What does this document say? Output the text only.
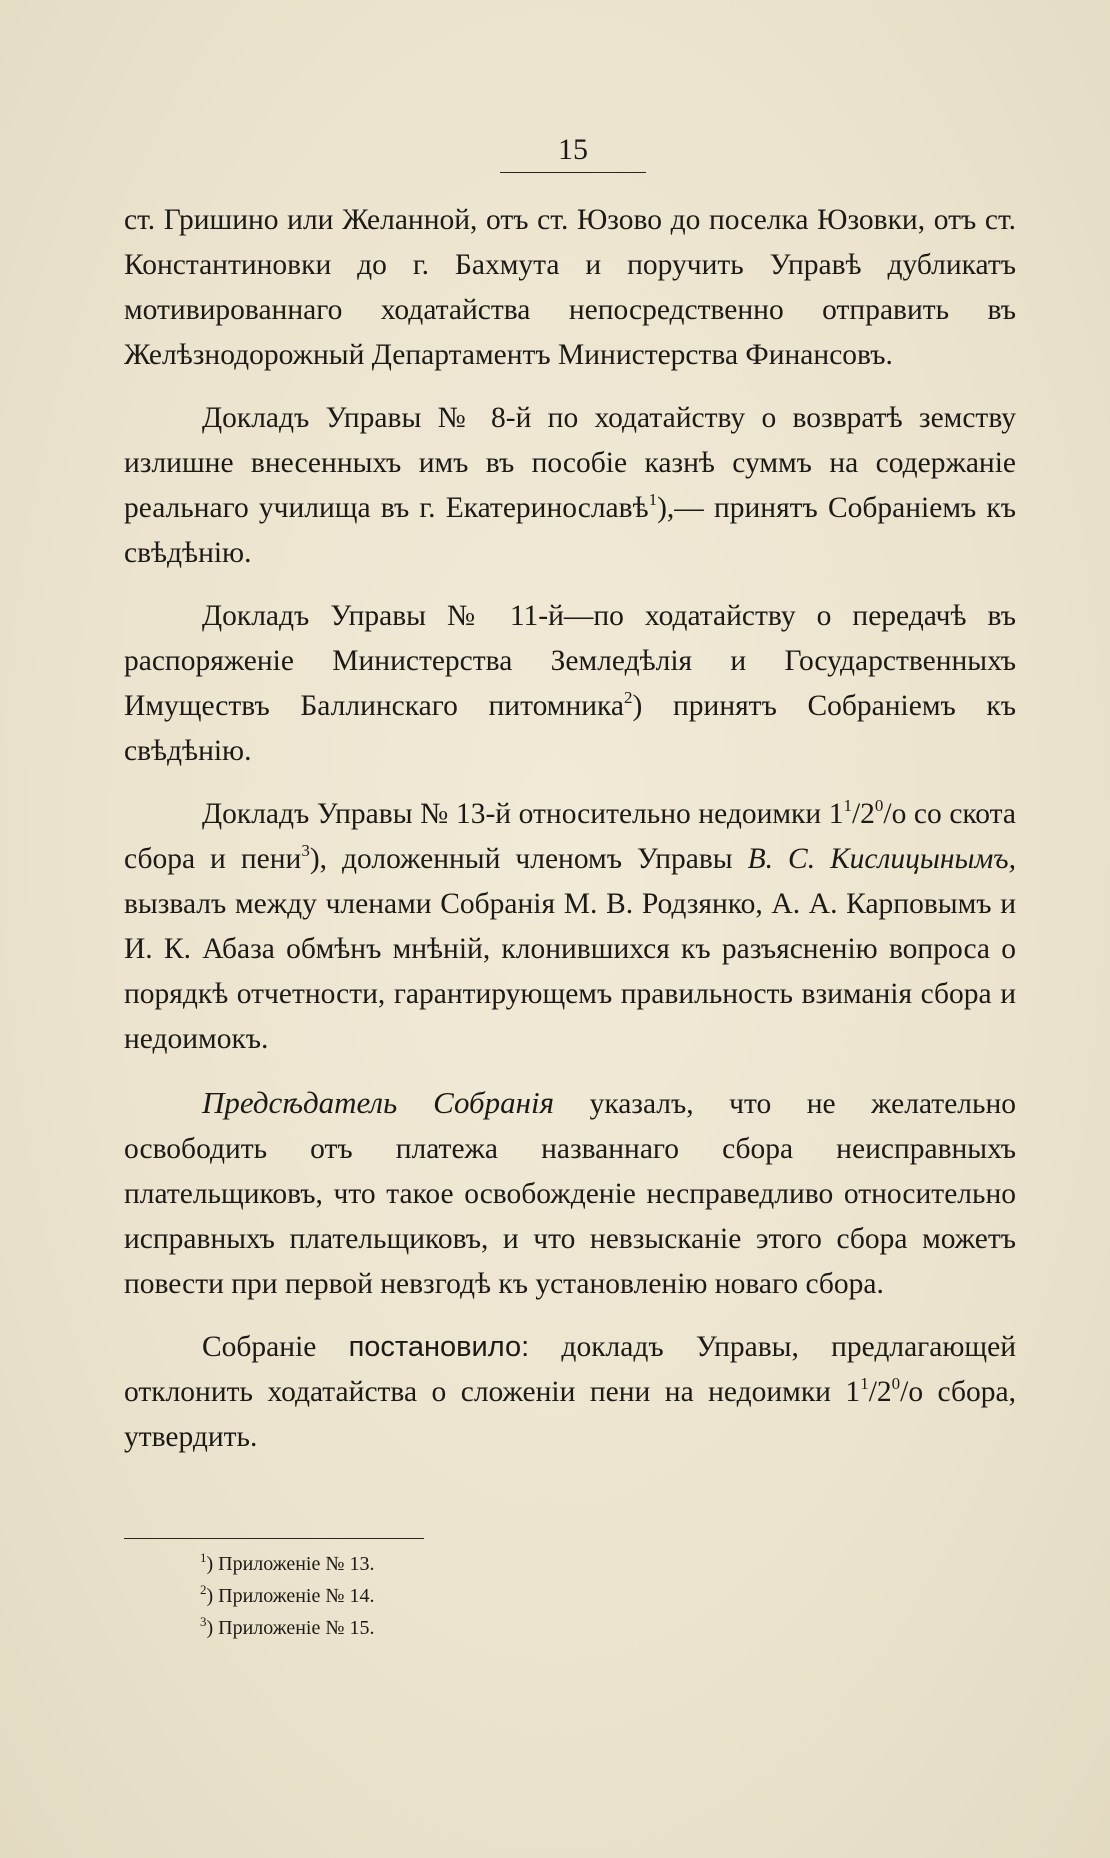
15

ст. Гришино или Желанной, отъ ст. Юзово до поселка Юзовки, отъ ст. Константиновки до г. Бахмута и поручить Управѣ дубликатъ мотивированнаго ходатайства непосредственно отправить въ Желѣзнодорожный Департаментъ Министерства Финансовъ.

Докладъ Управы № 8-й по ходатайству о возвратѣ земству излишне внесенныхъ имъ въ пособіе казнѣ суммъ на содержаніе реальнаго училища въ г. Екатеринославѣ$^1$),— принятъ Собраніемъ къ свѣдѣнію.

Докладъ Управы № 11-й—по ходатайству о передачѣ въ распоряженіе Министерства Земледѣлія и Государственныхъ Имуществъ Баллинскаго питомника$^2$) принятъ Собраніемъ къ свѣдѣнію.

Докладъ Управы № 13-й относительно недоимки $1^1/2^0/o$ со скота сбора и пени$^3$), доложенный членомъ Управы В. С. Кислицынымъ, вызвалъ между членами Собранія М. В. Родзянко, А. А. Карповымъ и И. К. Абаза обмѣнъ мнѣній, клонившихся къ разъясненію вопроса о порядкѣ отчетности, гарантирующемъ правильность взиманія сбора и недоимокъ.

Предсѣдатель Собранія указалъ, что не желательно освободить отъ платежа названнаго сбора неисправныхъ плательщиковъ, что такое освобожденіе несправедливо относительно исправныхъ плательщиковъ, и что невзысканіе этого сбора можетъ повести при первой невзгодѣ къ установленію новаго сбора.

Собраніе постановило: докладъ Управы, предлагающей отклонить ходатайства о сложеніи пени на недоимки $1^1/2^0/o$ сбора, утвердить.

$^1$) Приложеніе № 13.
$^2$) Приложеніе № 14.
$^3$) Приложеніе № 15.
